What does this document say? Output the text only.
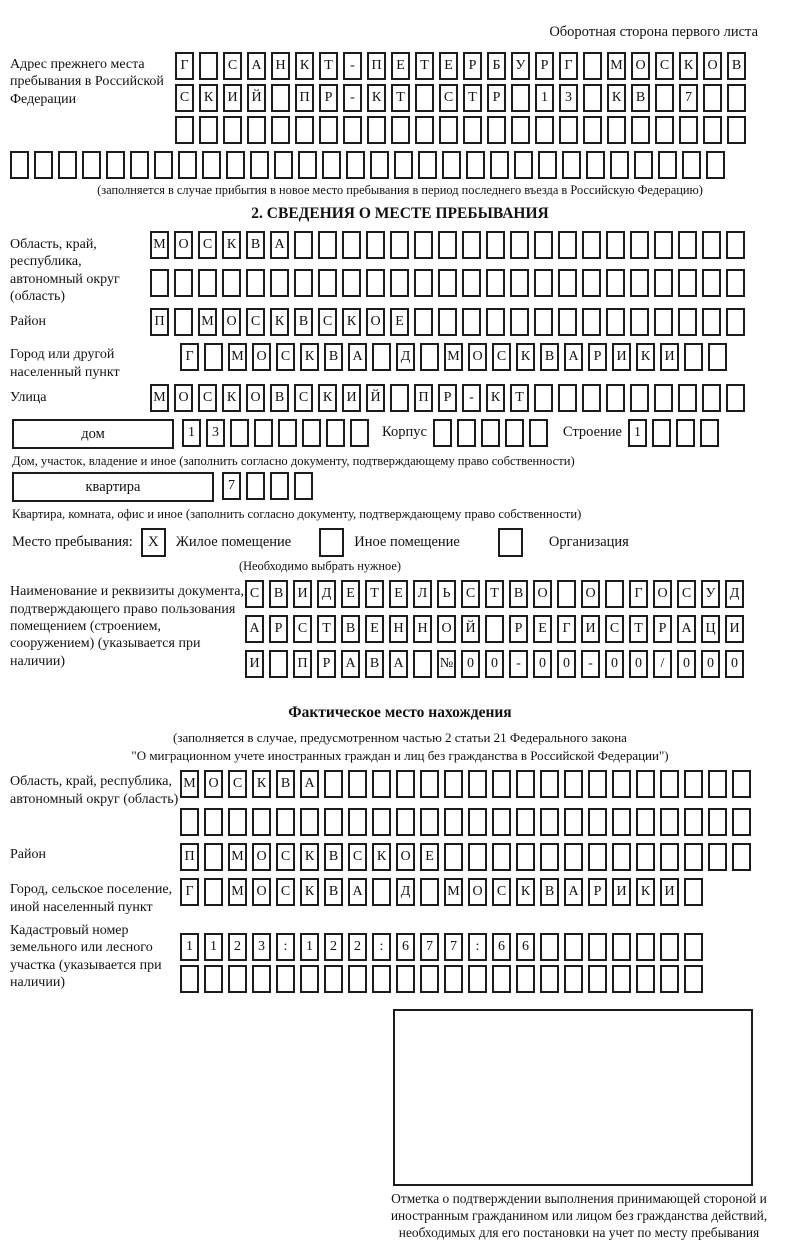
Оборотная сторона первого листа
Адрес прежнего места пребывания в Российской Федерации
Г	С	А Н	К	Т	-	П	Е	Т	Е	Р	Б	У	Р	Г	М О	С	К	О	В
С	К	И Й	П	Р	-	К	Т	С	Т	Р	1	3	К	В	7
(заполняется в случае прибытия в новое место пребывания в период последнего въезда в Российскую Федерацию)
2. СВЕДЕНИЯ О МЕСТЕ ПРЕБЫВАНИЯ
Область, край, республика, автономный округ (область)
М О	С	К	В	А
Район	П	М О	С	К	В	С	К	О	Е
Город или другой населенный пункт
Г	М О	С	К	В	А	Д	М О	С	К	В	А	Р	И	К	И
Улица	М О	С	К	О	В	С	К	И Й	П	Р	-	К	Т
дом	1	3	Корпус	Строение 1
Дом, участок, владение и иное (заполнить согласно документу, подтверждающему право собственности)
квартира	7
Квартира, комната, офис и иное (заполнить согласно документу, подтверждающему право собственности)
Место пребывания:	X	Жилое помещение	Иное помещение	Организация
(Необходимо выбрать нужное)
Наименование и реквизиты документа, подтверждающего право пользования помещением (строением, сооружением) (указывается при наличии)
С	В	И	Д	Е	Т	Е	Л	Ь	С	Т	В	О	О	Г	О	С	У	Д
А	Р	С	Т	В	Е	Н Н О Й	Р	Е	Г	И	С	Т	Р	А Ц И
И	П	Р	А	В	А	№ 0	0	-	0	0	-	0	0	/	0	0	0
Фактическое место нахождения
(заполняется в случае, предусмотренном частью 2 статьи 21 Федерального закона
"О миграционном учете иностранных граждан и лиц без гражданства в Российской Федерации")
Область, край, республика, автономный округ (область)
М О	С	К	В	А
Район	П	М О	С	К	В	С	К	О	Е
Город, сельское поселение, иной населенный пункт
Г	М О	С	К	В	А	Д	М О	С	К	В	А	Р	И	К	И
Кадастровый номер земельного или лесного участка (указывается при наличии)
1	1	2	3	:	1	2	2	:	6	7	7	:	6	6
Отметка о подтверждении выполнения принимающей стороной и иностранным гражданином или лицом без гражданства действий, необходимых для его постановки на учет по месту пребывания
